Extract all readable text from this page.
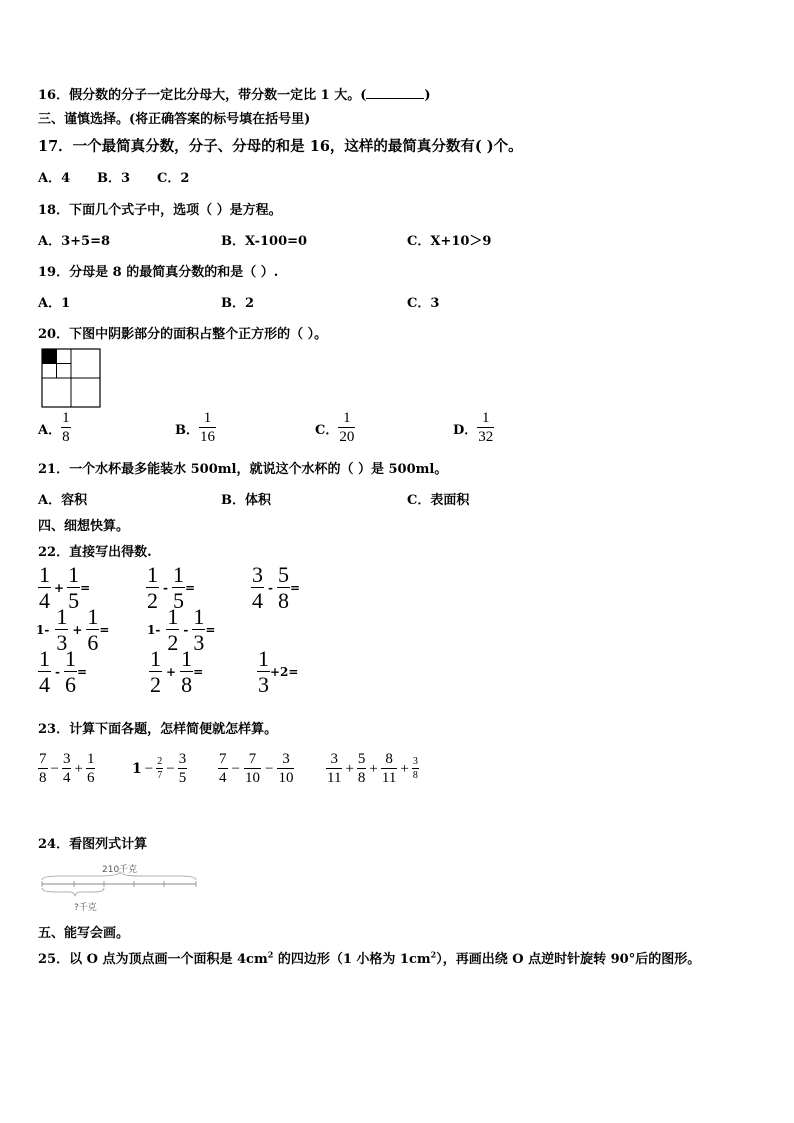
16．假分数的分子一定比分母大，带分数一定比 1 大。(	)
三、谨慎选择。(将正确答案的标号填在括号里)
17．一个最简真分数，分子、分母的和是 16，这样的最简真分数有( )个。
A．4 B．3 C．2
18．下面几个式子中，选项（ ）是方程。
A．3+5=8	B．X-100=0	C．X+10＞9
19．分母是 8 的最简真分数的和是（ ）.
A．1	B．2	C．3
20．下图中阴影部分的面积占整个正方形的（ ）。
A． $\frac{1}{8}$	B． $\frac{1}{16}$	C． $\frac{1}{20}$	D． $\frac{1}{32}$
21．一个水杯最多能装水 500ml，就说这个水杯的（ ）是 500ml。
A．容积	B．体积	C．表面积
四、细想快算。
22．直接写出得数.
$\frac{1}{4} + \frac{1}{5}$ =	$\frac{1}{2} - \frac{1}{5}$ =	$\frac{3}{4} - \frac{5}{8}$ =
$1- \frac{1}{3} + \frac{1}{6}$ =	$1- \frac{1}{2} - \frac{1}{3}$ =
$\frac{1}{4} - \frac{1}{6}$ =	$\frac{1}{2} + \frac{1}{8} = \frac{1}{3} +2=$
23．计算下面各题，怎样简便就怎样算。
$\frac{7}{8} - \frac{3}{4} + \frac{1}{6}$	$1 - \frac{2}{7} - \frac{3}{5} \frac{7}{4} - \frac{7}{10} - \frac{3}{10} \frac{3}{11} + \frac{5}{8} + \frac{8}{11} + \frac{3}{8}$
24．看图列式计算
210千克
?千克
五、能写会画。
25．以 O 点为顶点画一个面积是 $4cm^2$ 的四边形（1 小格为 $1cm^2$），再画出绕 O 点逆时针旋转 90°后的图形。
